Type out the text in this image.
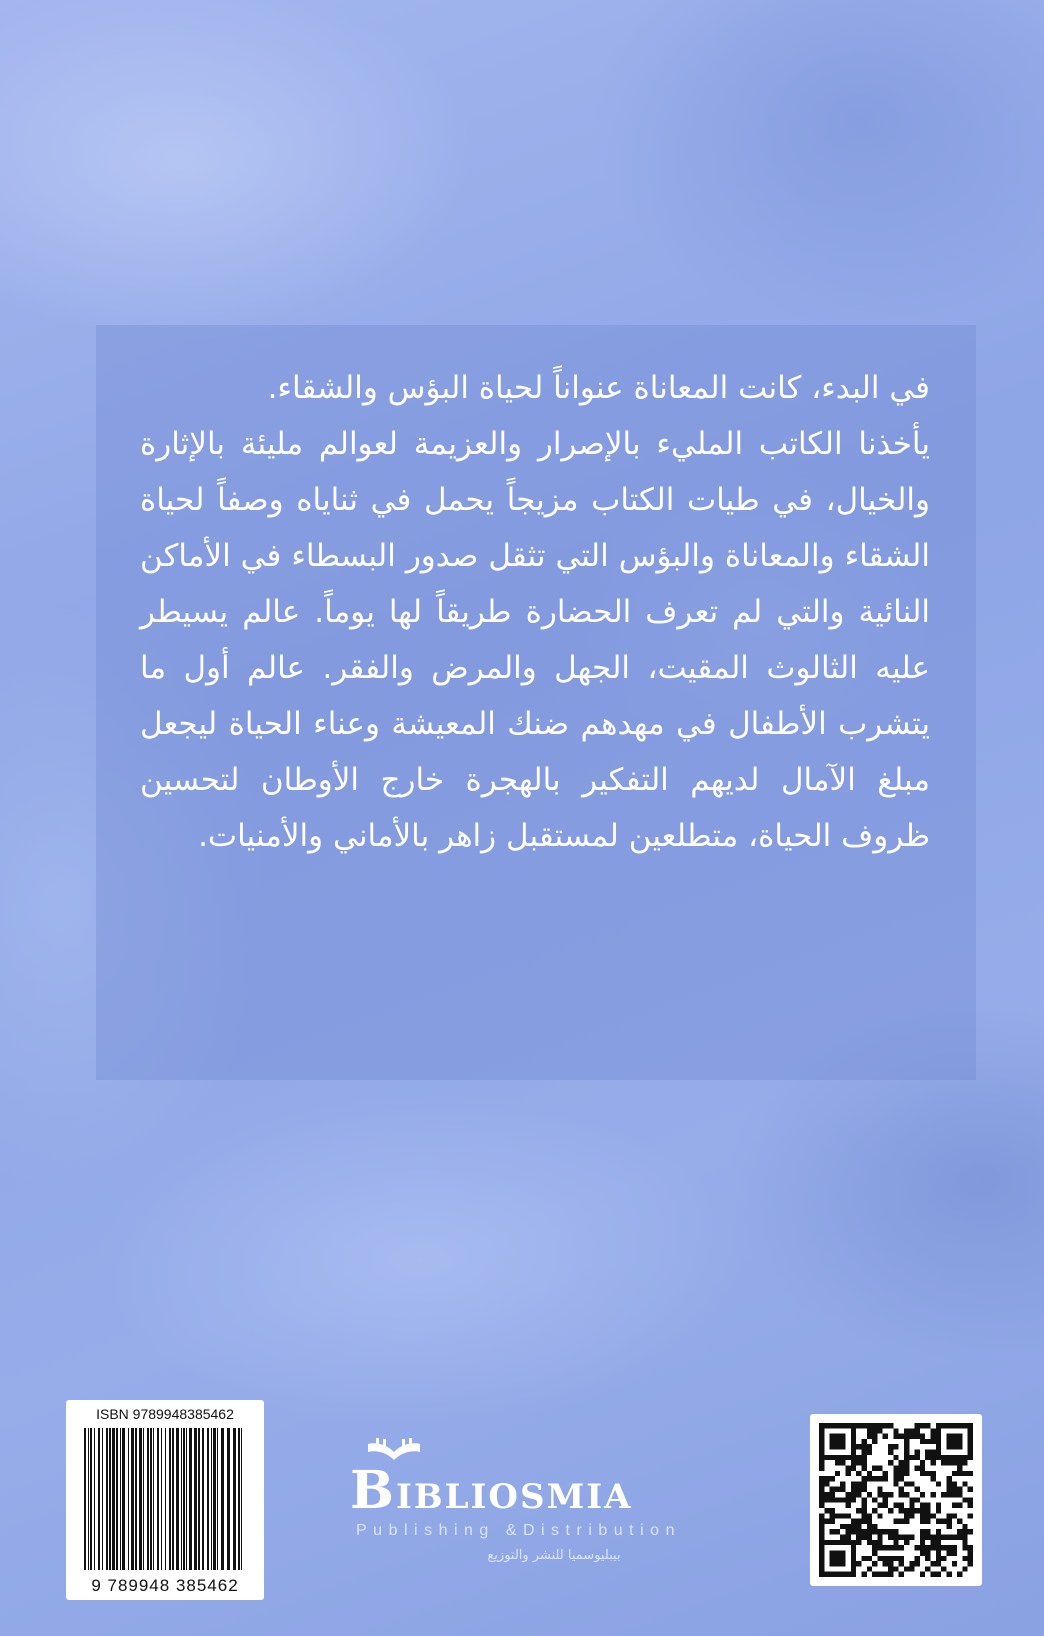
في البدء، كانت المعاناة عنواناً لحياة البؤس والشقاء.

يأخذنا الكاتب المليء بالإصرار والعزيمة لعوالم مليئة بالإثارة والخيال، في طيات الكتاب مزيجاً يحمل في ثناياه وصفاً لحياة الشقاء والمعاناة والبؤس التي تثقل صدور البسطاء في الأماكن النائية والتي لم تعرف الحضارة طريقاً لها يوماً. عالم يسيطر عليه الثالوث المقيت، الجهل والمرض والفقر. عالم أول ما يتشرب الأطفال في مهدهم ضنك المعيشة وعناء الحياة ليجعل مبلغ الآمال لديهم التفكير بالهجرة خارج الأوطان لتحسين ظروف الحياة، متطلعين لمستقبل زاهر بالأماني والأمنيات.

ISBN 9789948385462
9 789948 385462
BIBLIOSMIA
Publishing &Distribution
بيبليوسميا للنشر والتوزيع
